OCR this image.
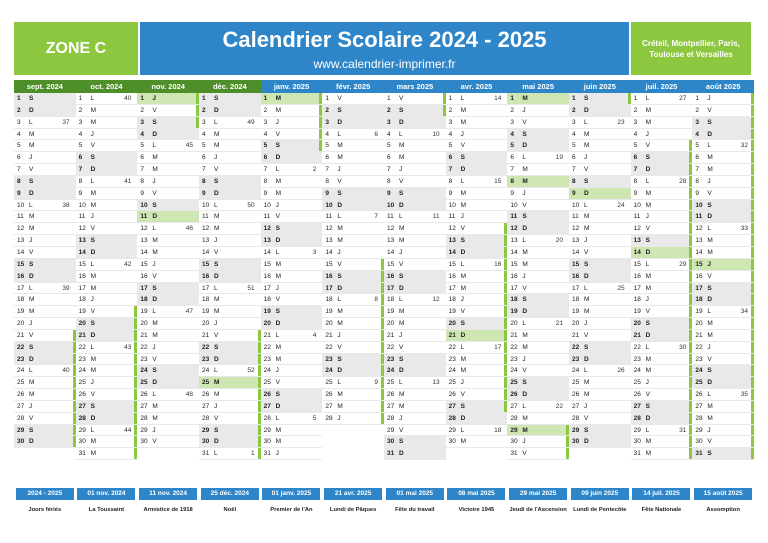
ZONE C	Calendrier Scolaire 2024 - 2025
www.calendrier-imprimer.fr
Créteil, Montpellier, Paris,
Toulouse et Versailles
sept. 2024
1	S
2	D
3	L	37
4	M
5	M
6	J
7	V
8	S
9	D
10 L	38
11 M
12 M
13 J
14 V
15 S
16 D
17 L	39
18 M
19 M
20 J
21 V
22 S
23 D
24 L	40
25 M
26 M
27 J
28 V
29 S
30 D
oct. 2024
1	L	40
2	M
3	M
4	J
5	V
6	S
7	D
8	L	41
9	M
10 M
11 J
12 V
13 S
14 D
15 L	42
16 M
17 M
18 J
19 V
20 S
21 D
22 L	43
23 M
24 M
25 J
26 V
27 S
28 D
29 L	44
30 M
31 M
nov. 2024
1	J
2	V
3	S
4	D
5	L	45
6	M
7	M
8	J
9	V
10 S
11 D
12 L	46
13 M
14 M
15 J
16 V
17 S
18 D
19 L	47
20 M
21 M
22 J
23 V
24 S
25 D
26 L	48
27 M
28 M
29 J
30 V
déc. 2024
1	S
2	D
3	L	49
4	M
5	M
6	J
7	V
8	S
9	D
10 L	50
11 M
12 M
13 J
14 V
15 S
16 D
17 L	51
18 M
19 M
20 J
21 V
22 S
23 D
24 L	52
25 M
26 M
27 J
28 V
29 S
30 D
31 L	1
janv. 2025
1	M
2	M
3	J
4	V
5	S
6	D
7	L	2
8	M
9	M
10 J
11 V
12 S
13 D
14 L	3
15 M
16 M
17 J
18 V
19 S
20 D
21 L	4
22 M
23 M
24 J
25 V
26 S
27 D
28 L	5
29 M
30 M
31 J
févr. 2025
1	V
2	S
3	D
4	L	6
5	M
6	M
7	J
8	V
9	S
10 D
11 L	7
12 M
13 M
14 J
15 V
16 S
17 D
18 L	8
19 M
20 M
21 J
22 V
23 S
24 D
25 L	9
26 M
27 M
28 J
mars 2025
1	V
2	S
3	D
4	L	10
5	M
6	M
7	J
8	V
9	S
10 D
11 L	11
12 M
13 M
14 J
15 V
16 S
17 D
18 L	12
19 M
20 M
21 J
22 V
23 S
24 D
25 L	13
26 M
27 M
28 J
29 V
30 S
31 D
avr. 2025
1	L	14
2	M
3	M
4	J
5	V
6	S
7	D
8	L	15
9	M
10 M
11 J
12 V
13 S
14 D
15 L	16
16 M
17 M
18 J
19 V
20 S
21 D
22 L	17
23 M
24 M
25 J
26 V
27 S
28 D
29 L	18
30 M
mai 2025
1	M
2	J
3	V
4	S
5	D
6	L	19
7	M
8	M
9	J
10 V
11 S
12 D
13 L	20
14 M
15 M
16 J
17 V
18 S
19 D
20 L	21
21 M
22 M
23 J
24 V
25 S
26 D
27 L	22
28 M
29 M
30 J
31 V
juin 2025
1	S
2	D
3	L	23
4	M
5	M
6	J
7	V
8	S
9	D
10 L	24
11 M
12 M
13 J
14 V
15 S
16 D
17 L	25
18 M
19 M
20 J
21 V
22 S
23 D
24 L	26
25 M
26 M
27 J
28 V
29 S
30 D
juil. 2025
1	L	27
2	M
3	M
4	J
5	V
6	S
7	D
8	L	28
9	M
10 M
11 J
12 V
13 S
14 D
15 L	29
16 M
17 M
18 J
19 V
20 S
21 D
22 L	30
23 M
24 M
25 J
26 V
27 S
28 D
29 L	31
30 M
31 M
août 2025
1	J
2	V
3	S
4	D
5	L	32
6	M
7	M
8	J
9	V
10 S
11 D
12 L	33
13 M
14 M
15 J
16 V
17 S
18 D
19 L	34
20 M
21 M
22 J
23 V
24 S
25 D
26 L	35
27 M
28 M
29 J
30 V
31 S
2024 - 2025
Jours fériés
01 nov. 2024
La Toussaint
11 nov. 2024
Armistice de 1918
25 déc. 2024
Noël
01 janv. 2025
Premier de l'An
21 avr. 2025
Lundi de Pâques
01 mai 2025
Fête du travail
08 mai 2025
Victoire 1945
29 mai 2025
Jeudi de l'Ascension
09 juin 2025
Lundi de Pentecôte
14 juil. 2025
Fête Nationale
15 août 2025
Assomption
